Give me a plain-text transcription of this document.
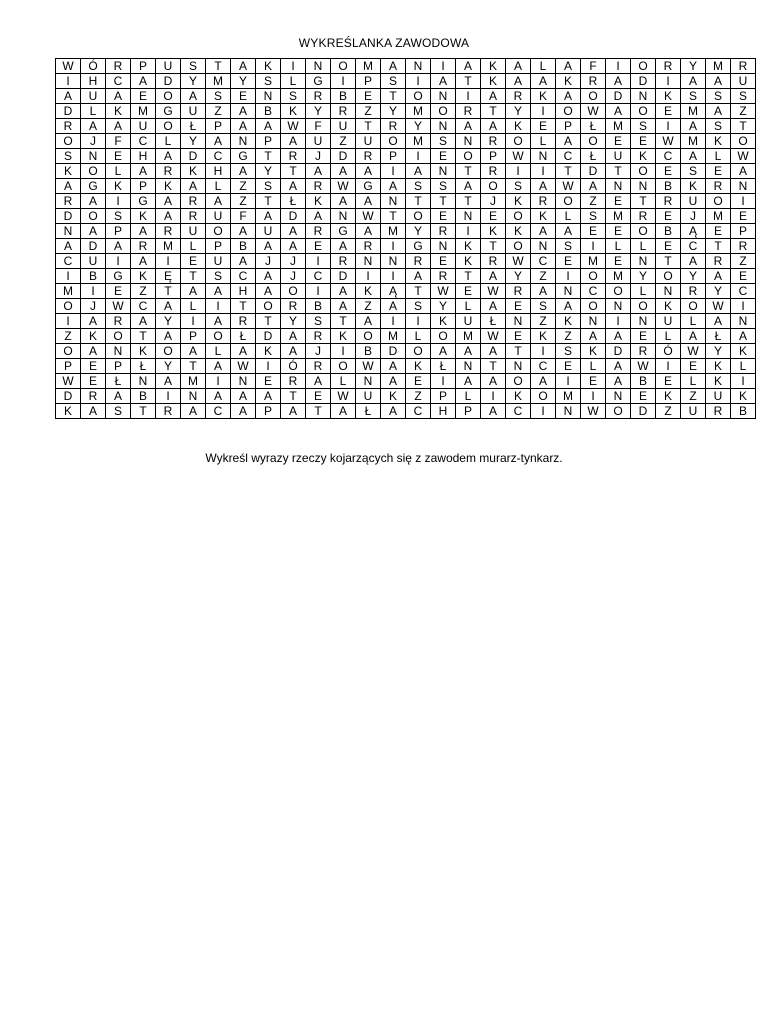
WYKREŚLANKA ZAWODOWA
W	Ó	R	P	U	S	T	A	K	I	N	O	M	A	N	I	A	K	A	L	A	F	I	O	R	Y	M	R
I	H	C	A	D	Y	M	Y	S	L	G	I	P	S	I	A	T	K	A	A	K	R	A	D	I	A	A	U
A	U	A	E	O	A	S	E	N	S	R	B	E	T	O	N	I	A	R	K	A	O	D	N	K	S	S	S
D	L	K	M	G	U	Z	A	B	K	Y	R	Z	Y	M	O	R	T	Y	I	O	W	A	O	E	M	A	Z
R	A	A	U	O	Ł	P	A	A	W	F	U	T	R	Y	N	A	A	K	E	P	Ł	M	S	I	A	S	T
O	J	F	C	L	Y	A	N	P	A	U	Z	U	O	M	S	N	R	O	L	A	O	E	E	W	M	K	O
S	N	E	H	A	D	C	G	T	R	J	D	R	P	I	E	O	P	W	N	C	Ł	U	K	C	A	L	W
K	O	L	A	R	K	H	A	Y	T	A	A	A	I	A	N	T	R	I	I	T	D	T	O	E	S	E	A
A	G	K	P	K	A	L	Z	S	A	R	W	G	A	S	S	A	O	S	A	W	A	N	N	B	K	R	N
R	A	I	G	A	R	A	Z	T	Ł	K	A	A	N	T	T	T	J	K	R	O	Z	E	T	R	U	O	I
D	O	S	K	A	R	U	F	A	D	A	N	W	T	O	E	N	E	O	K	L	S	M	R	E	J	M	E
N	A	P	A	R	U	O	A	U	A	R	G	A	M	Y	R	I	K	K	A	A	E	E	O	B	Ą	E	P
A	D	A	R	M	L	P	B	A	A	E	A	R	I	G	N	K	T	O	N	S	I	L	L	E	C	T	R
C	U	I	A	I	E	U	A	J	J	I	R	N	N	R	E	K	R	W	C	E	M	E	N	T	A	R	Z
I	B	G	K	Ę	T	S	C	A	J	C	D	I	I	A	R	T	A	Y	Z	I	O	M	Y	O	Y	A	E
M	I	E	Z	T	A	A	H	A	O	I	A	K	Ą	T	W	E	W	R	A	N	C	O	L	N	R	Y	C
O	J	W	C	A	L	I	T	O	R	B	A	Z	A	S	Y	L	A	E	S	A	O	N	O	K	O	W	I
I	A	R	A	Y	I	A	R	T	Y	S	T	A	I	I	K	U	Ł	N	Z	K	N	I	N	U	L	A	N
Z	K	O	T	A	P	O	Ł	D	A	R	K	O	M	L	O	M	W	E	K	Z	A	A	E	L	A	Ł	A
O	A	N	K	O	A	L	A	K	A	J	I	B	D	O	A	A	A	T	I	S	K	D	R	Ó	W	Y	K
P	E	P	Ł	Y	T	A	W	I	Ó	R	O	W	A	K	Ł	N	T	N	C	E	L	A	W	I	E	K	L
W	E	Ł	N	A	M	I	N	E	R	A	L	N	A	E	I	A	A	O	A	I	E	A	B	E	L	K	I
D	R	A	B	I	N	A	A	A	T	E	W	U	K	Z	P	L	I	K	O	M	I	N	E	K	Z	U	K
K	A	S	T	R	A	C	A	P	A	T	A	Ł	A	C	H	P	A	C	I	N	W	O	D	Z	U	R	B
Wykreśl wyrazy rzeczy kojarzących się z zawodem murarz-tynkarz.
